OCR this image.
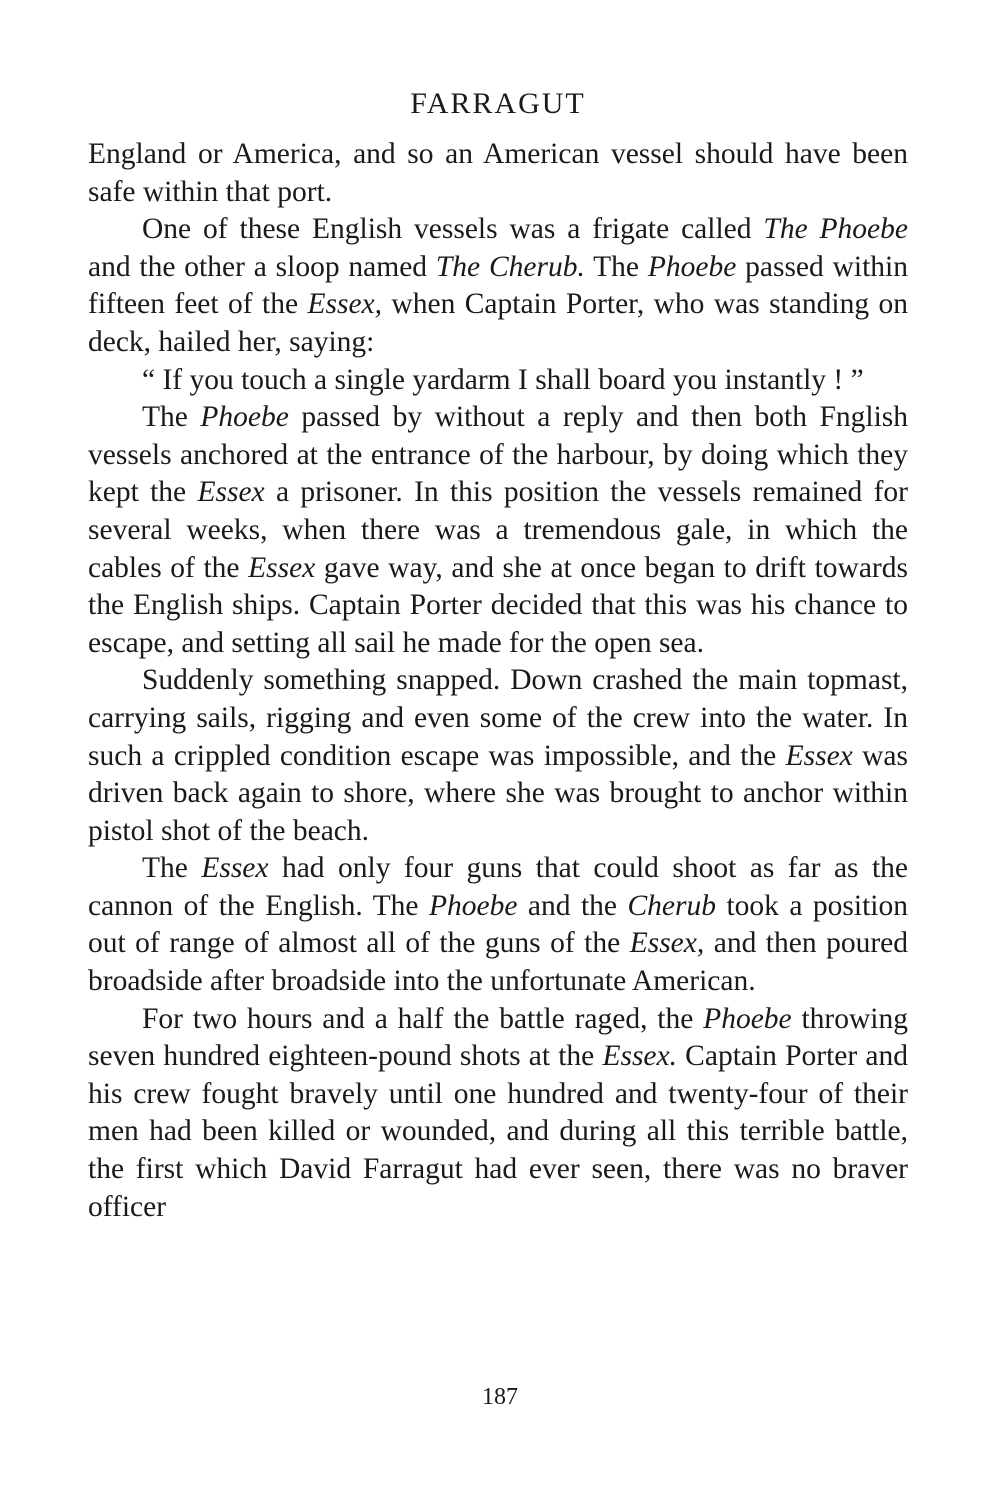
FARRAGUT

England or America, and so an American vessel should have been safe within that port.

One of these English vessels was a frigate called The Phoebe and the other a sloop named The Cherub. The Phoebe passed within fifteen feet of the Essex, when Captain Porter, who was standing on deck, hailed her, saying:

“ If you touch a single yardarm I shall board you instantly ! ”

The Phoebe passed by without a reply and then both Fnglish vessels anchored at the entrance of the harbour, by doing which they kept the Essex a prisoner. In this position the vessels remained for several weeks, when there was a tremendous gale, in which the cables of the Essex gave way, and she at once began to drift towards the English ships. Captain Porter decided that this was his chance to escape, and setting all sail he made for the open sea.

Suddenly something snapped. Down crashed the main topmast, carrying sails, rigging and even some of the crew into the water. In such a crippled condition escape was impossible, and the Essex was driven back again to shore, where she was brought to anchor within pistol shot of the beach.

The Essex had only four guns that could shoot as far as the cannon of the English. The Phoebe and the Cherub took a position out of range of almost all of the guns of the Essex, and then poured broadside after broadside into the unfortunate American.

For two hours and a half the battle raged, the Phoebe throwing seven hundred eighteen-pound shots at the Essex. Captain Porter and his crew fought bravely until one hundred and twenty-four of their men had been killed or wounded, and during all this terrible battle, the first which David Farragut had ever seen, there was no braver officer

187
